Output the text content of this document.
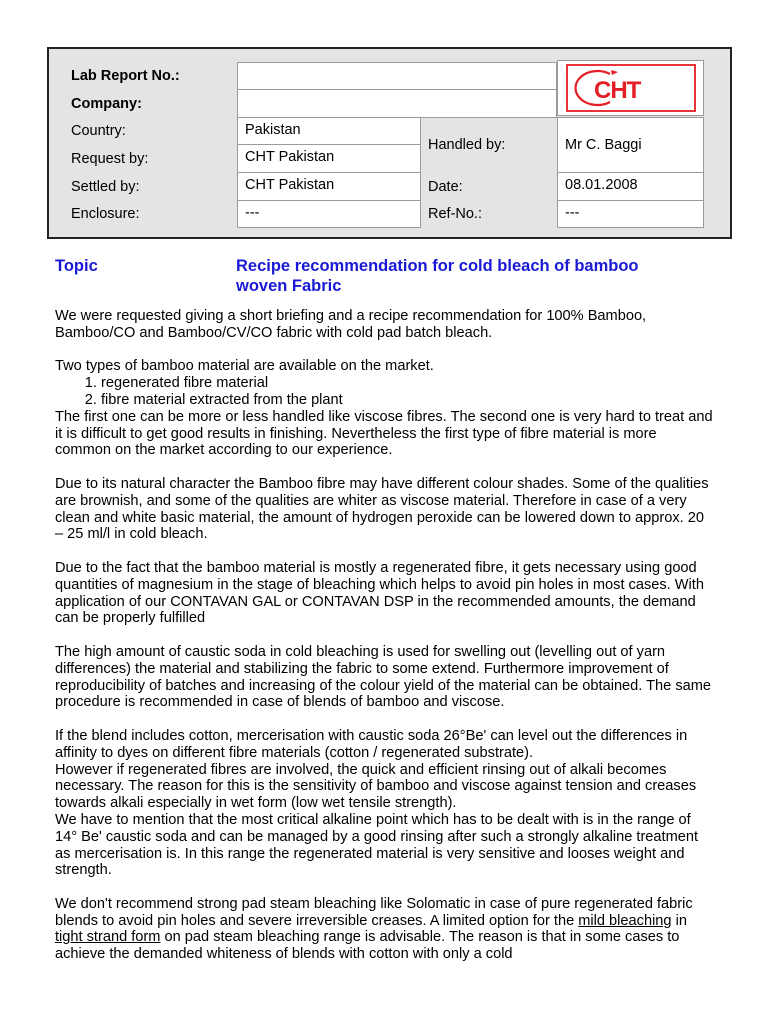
Lab Report No.:
Company:
Country:
Request by:
Settled by:
Enclosure:
Pakistan
CHT Pakistan
CHT Pakistan
---
Handled by:
Date:
Ref-No.:
Mr C. Baggi
08.01.2008
---
CHT
Topic	Recipe recommendation for cold bleach of bamboo
woven Fabric

We were requested giving a short briefing and a recipe recommendation for 100% Bamboo, Bamboo/CO and Bamboo/CV/CO fabric with cold pad batch bleach.

Two types of bamboo material are available on the market.

1. regenerated fibre material
2. fibre material extracted from the plant

The first one can be more or less handled like viscose fibres. The second one is very hard to treat and it is difficult to get good results in finishing. Nevertheless the first type of fibre material is more common on the market according to our experience.

Due to its natural character the Bamboo fibre may have different colour shades. Some of the qualities are brownish, and some of the qualities are whiter as viscose material. Therefore in case of a very clean and white basic material, the amount of hydrogen peroxide can be lowered down to approx. 20 – 25 ml/l in cold bleach.

Due to the fact that the bamboo material is mostly a regenerated fibre, it gets necessary using good quantities of magnesium in the stage of bleaching which helps to avoid pin holes in most cases. With application of our CONTAVAN GAL or CONTAVAN DSP in the recommended amounts, the demand can be properly fulfilled

The high amount of caustic soda in cold bleaching is used for swelling out (levelling out of yarn differences) the material and stabilizing the fabric to some extend. Furthermore improvement of reproducibility of batches and increasing of the colour yield of the material can be obtained. The same procedure is recommended in case of blends of bamboo and viscose.

If the blend includes cotton, mercerisation with caustic soda 26°Be' can level out the differences in affinity to dyes on different fibre materials (cotton / regenerated substrate).

However if regenerated fibres are involved, the quick and efficient rinsing out of alkali becomes necessary. The reason for this is the sensitivity of bamboo and viscose against tension and creases towards alkali especially in wet form (low wet tensile strength).

We have to mention that the most critical alkaline point which has to be dealt with is in the range of 14° Be' caustic soda and can be managed by a good rinsing after such a strongly alkaline treatment as mercerisation is. In this range the regenerated material is very sensitive and looses weight and strength.

We don't recommend strong pad steam bleaching like Solomatic in case of pure regenerated fabric blends to avoid pin holes and severe irreversible creases. A limited option for the mild bleaching in tight strand form on pad steam bleaching range is advisable. The reason is that in some cases to achieve the demanded whiteness of blends with cotton with only a cold
